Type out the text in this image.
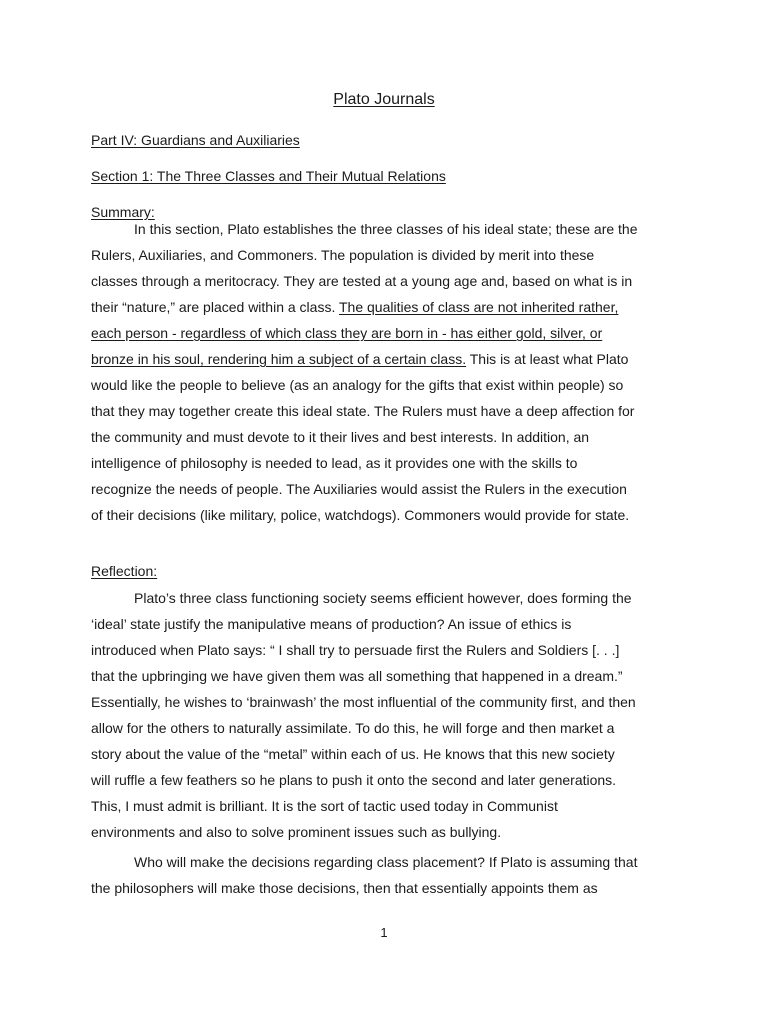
Plato Journals
Part IV: Guardians and Auxiliaries
Section 1: The Three Classes and Their Mutual Relations
Summary:
In this section, Plato establishes the three classes of his ideal state; these are the
Rulers, Auxiliaries, and Commoners. The population is divided by merit into these
classes through a meritocracy. They are tested at a young age and, based on what is in
their “nature,” are placed within a class. The qualities of class are not inherited rather,
each person - regardless of which class they are born in - has either gold, silver, or
bronze in his soul, rendering him a subject of a certain class. This is at least what Plato
would like the people to believe (as an analogy for the gifts that exist within people) so
that they may together create this ideal state. The Rulers must have a deep affection for
the community and must devote to it their lives and best interests. In addition, an
intelligence of philosophy is needed to lead, as it provides one with the skills to
recognize the needs of people. The Auxiliaries would assist the Rulers in the execution
of their decisions (like military, police, watchdogs). Commoners would provide for state.
Reflection:
Plato’s three class functioning society seems efficient however, does forming the
‘ideal’ state justify the manipulative means of production? An issue of ethics is
introduced when Plato says: “ I shall try to persuade first the Rulers and Soldiers [. . .]
that the upbringing we have given them was all something that happened in a dream.”
Essentially, he wishes to ‘brainwash’ the most influential of the community first, and then
allow for the others to naturally assimilate. To do this, he will forge and then market a
story about the value of the “metal” within each of us. He knows that this new society
will ruffle a few feathers so he plans to push it onto the second and later generations.
This, I must admit is brilliant. It is the sort of tactic used today in Communist
environments and also to solve prominent issues such as bullying.
Who will make the decisions regarding class placement? If Plato is assuming that
the philosophers will make those decisions, then that essentially appoints them as
1
